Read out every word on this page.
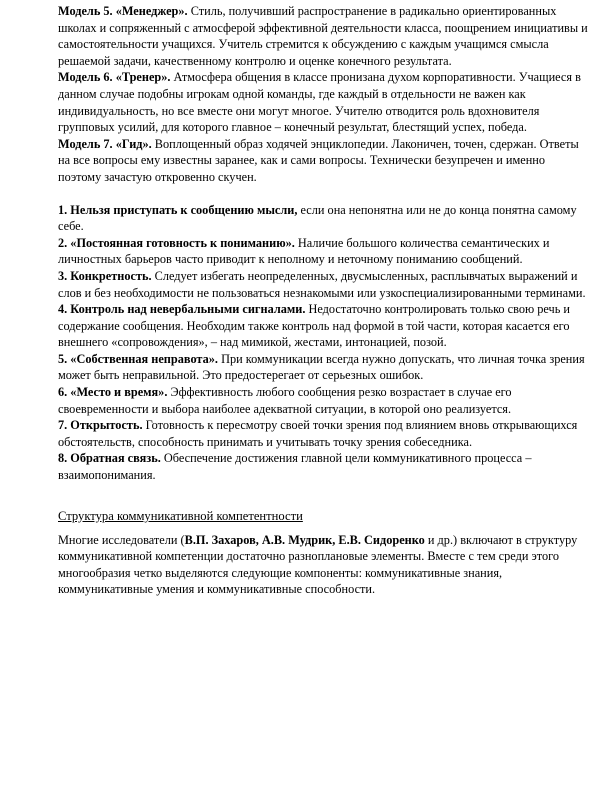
Модель 5. «Менеджер». Стиль, получивший распространение в радикально ориентированных школах и сопряженный с атмосферой эффективной деятельности класса, поощрением инициативы и самостоятельности учащихся. Учитель стремится к обсуждению с каждым учащимся смысла решаемой задачи, качественному контролю и оценке конечного результата.

Модель 6. «Тренер». Атмосфера общения в классе пронизана духом корпоративности. Учащиеся в данном случае подобны игрокам одной команды, где каждый в отдельности не важен как индивидуальность, но все вместе они могут многое. Учителю отводится роль вдохновителя групповых усилий, для которого главное – конечный результат, блестящий успех, победа.

Модель 7. «Гид». Воплощенный образ ходячей энциклопедии. Лаконичен, точен, сдержан. Ответы на все вопросы ему известны заранее, как и сами вопросы. Технически безупречен и именно поэтому зачастую откровенно скучен.

1. Нельзя приступать к сообщению мысли, если она непонятна или не до конца понятна самому себе.

2. «Постоянная готовность к пониманию». Наличие большого количества семантических и личностных барьеров часто приводит к неполному и неточному пониманию сообщений.

3. Конкретность. Следует избегать неопределенных, двусмысленных, расплывчатых выражений и слов и без необходимости не пользоваться незнакомыми или узкоспециализированными терминами.

4. Контроль над невербальными сигналами. Недостаточно контролировать только свою речь и содержание сообщения. Необходим также контроль над формой в той части, которая касается его внешнего «сопровождения», – над мимикой, жестами, интонацией, позой.

5. «Собственная неправота». При коммуникации всегда нужно допускать, что личная точка зрения может быть неправильной. Это предостерегает от серьезных ошибок.

6. «Место и время». Эффективность любого сообщения резко возрастает в случае его своевременности и выбора наиболее адекватной ситуации, в которой оно реализуется.

7. Открытость. Готовность к пересмотру своей точки зрения под влиянием вновь открывающихся обстоятельств, способность принимать и учитывать точку зрения собеседника.

8. Обратная связь. Обеспечение достижения главной цели коммуникативного процесса – взаимопонимания.

Структура коммуникативной компетентности

Многие исследователи (В.П. Захаров, А.В. Мудрик, Е.В. Сидоренко и др.) включают в структуру коммуникативной компетенции достаточно разноплановые элементы. Вместе с тем среди этого многообразия четко выделяются следующие компоненты: коммуникативные знания, коммуникативные умения и коммуникативные способности.
